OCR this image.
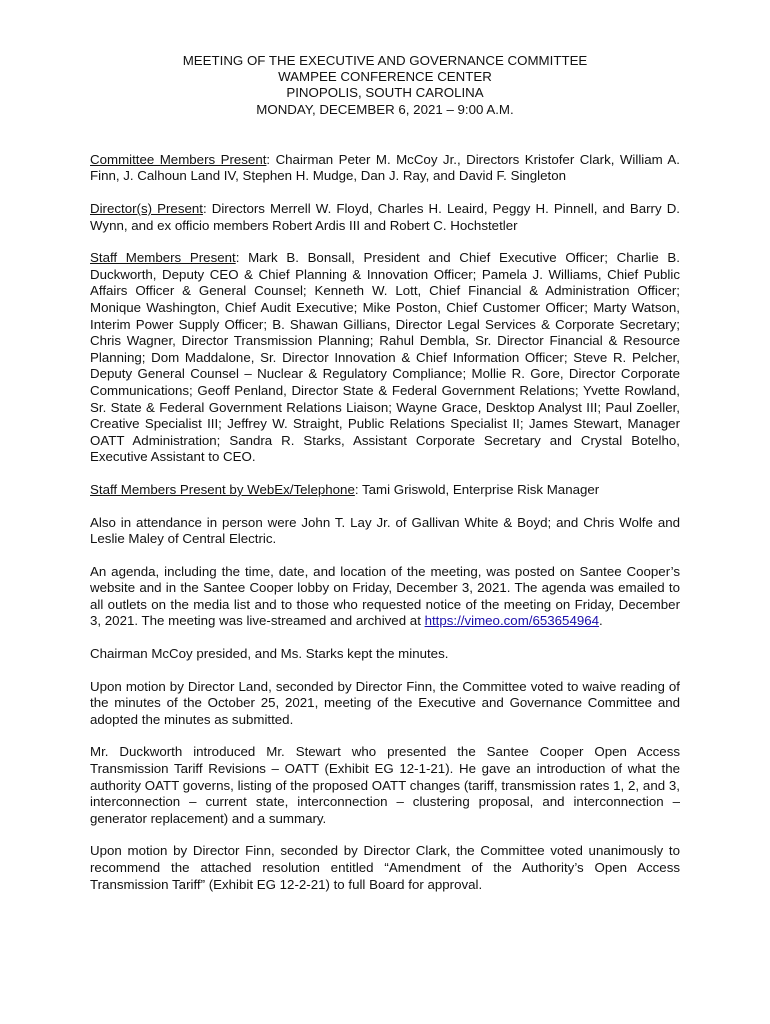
MEETING OF THE EXECUTIVE AND GOVERNANCE COMMITTEE
WAMPEE CONFERENCE CENTER
PINOPOLIS, SOUTH CAROLINA
MONDAY, DECEMBER 6, 2021 – 9:00 A.M.

Committee Members Present: Chairman Peter M. McCoy Jr., Directors Kristofer Clark, William A. Finn, J. Calhoun Land IV, Stephen H. Mudge, Dan J. Ray, and David F. Singleton

Director(s) Present: Directors Merrell W. Floyd, Charles H. Leaird, Peggy H. Pinnell, and Barry D. Wynn, and ex officio members Robert Ardis III and Robert C. Hochstetler

Staff Members Present: Mark B. Bonsall, President and Chief Executive Officer; Charlie B. Duckworth, Deputy CEO & Chief Planning & Innovation Officer; Pamela J. Williams, Chief Public Affairs Officer & General Counsel; Kenneth W. Lott, Chief Financial & Administration Officer; Monique Washington, Chief Audit Executive; Mike Poston, Chief Customer Officer; Marty Watson, Interim Power Supply Officer; B. Shawan Gillians, Director Legal Services & Corporate Secretary; Chris Wagner, Director Transmission Planning; Rahul Dembla, Sr. Director Financial & Resource Planning; Dom Maddalone, Sr. Director Innovation & Chief Information Officer; Steve R. Pelcher, Deputy General Counsel – Nuclear & Regulatory Compliance; Mollie R. Gore, Director Corporate Communications; Geoff Penland, Director State & Federal Government Relations; Yvette Rowland, Sr. State & Federal Government Relations Liaison; Wayne Grace, Desktop Analyst III; Paul Zoeller, Creative Specialist III; Jeffrey W. Straight, Public Relations Specialist II; James Stewart, Manager OATT Administration; Sandra R. Starks, Assistant Corporate Secretary and Crystal Botelho, Executive Assistant to CEO.

Staff Members Present by WebEx/Telephone: Tami Griswold, Enterprise Risk Manager

Also in attendance in person were John T. Lay Jr. of Gallivan White & Boyd; and Chris Wolfe and Leslie Maley of Central Electric.

An agenda, including the time, date, and location of the meeting, was posted on Santee Cooper’s website and in the Santee Cooper lobby on Friday, December 3, 2021. The agenda was emailed to all outlets on the media list and to those who requested notice of the meeting on Friday, December 3, 2021. The meeting was live-streamed and archived at https://vimeo.com/653654964.

Chairman McCoy presided, and Ms. Starks kept the minutes.

Upon motion by Director Land, seconded by Director Finn, the Committee voted to waive reading of the minutes of the October 25, 2021, meeting of the Executive and Governance Committee and adopted the minutes as submitted.

Mr. Duckworth introduced Mr. Stewart who presented the Santee Cooper Open Access Transmission Tariff Revisions – OATT (Exhibit EG 12-1-21). He gave an introduction of what the authority OATT governs, listing of the proposed OATT changes (tariff, transmission rates 1, 2, and 3, interconnection – current state, interconnection – clustering proposal, and interconnection – generator replacement) and a summary.

Upon motion by Director Finn, seconded by Director Clark, the Committee voted unanimously to recommend the attached resolution entitled “Amendment of the Authority’s Open Access Transmission Tariff” (Exhibit EG 12-2-21) to full Board for approval.
